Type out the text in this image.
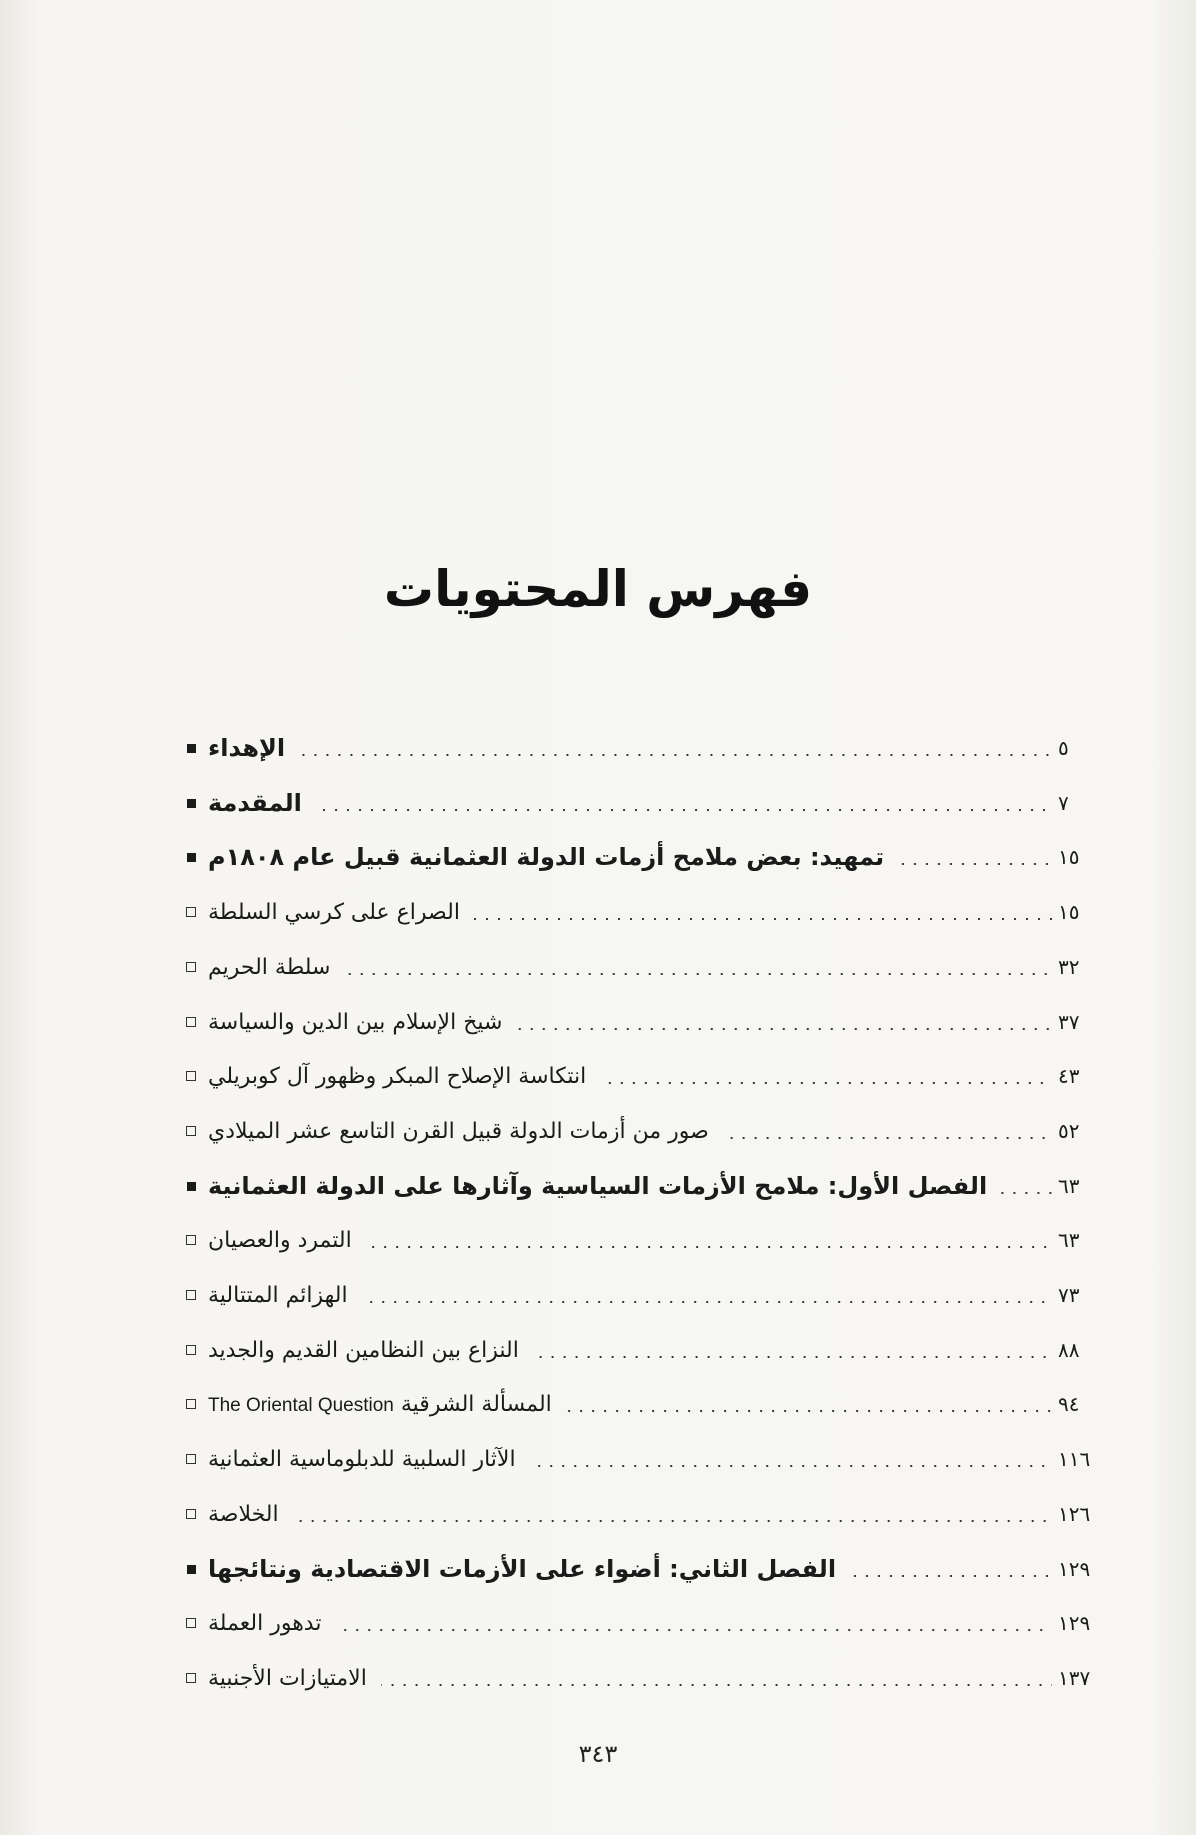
فهرس المحتويات
الإهداء	٥
المقدمة	٧
تمهيد: بعض ملامح أزمات الدولة العثمانية قبيل عام ١٨٠٨م	١٥
الصراع على كرسي السلطة	١٥
سلطة الحريم	٣٢
شيخ الإسلام بين الدين والسياسة	٣٧
انتكاسة الإصلاح المبكر وظهور آل كوبريلي	٤٣
صور من أزمات الدولة قبيل القرن التاسع عشر الميلادي	٥٢
الفصل الأول: ملامح الأزمات السياسية وآثارها على الدولة العثمانية	٦٣
التمرد والعصيان	٦٣
الهزائم المتتالية	٧٣
النزاع بين النظامين القديم والجديد	٨٨
المسألة الشرقية The Oriental Question	٩٤
الآثار السلبية للدبلوماسية العثمانية	١١٦
الخلاصة	١٢٦
الفصل الثاني: أضواء على الأزمات الاقتصادية ونتائجها	١٢٩
تدهور العملة	١٢٩
الامتيازات الأجنبية	١٣٧
٣٤٣
